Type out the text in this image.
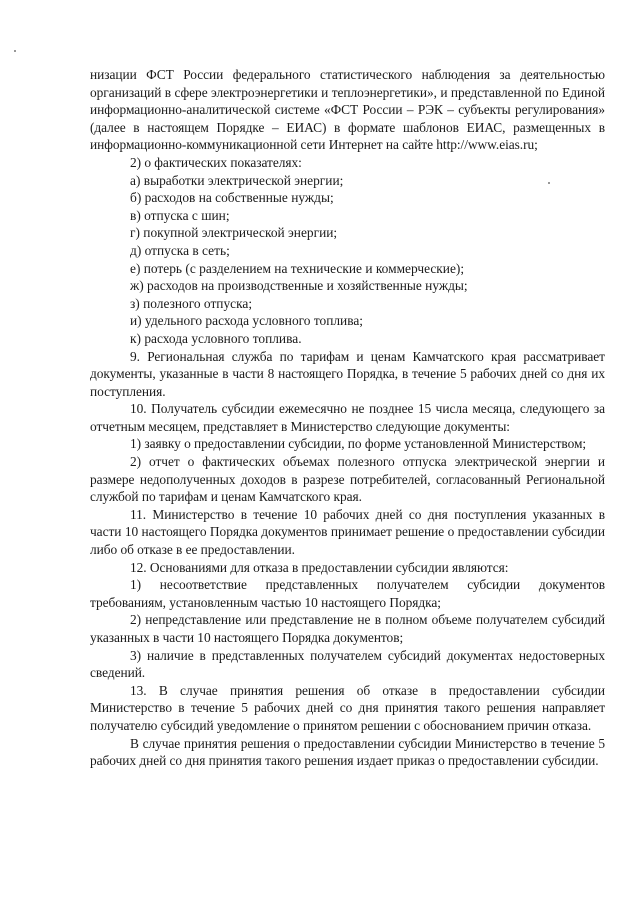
низации ФСТ России федерального статистического наблюдения за деятельностью организаций в сфере электроэнергетики и теплоэнергетики», и представленной по Единой информационно-аналитической системе «ФСТ России – РЭК – субъекты регулирования» (далее в настоящем Порядке – ЕИАС) в формате шаблонов ЕИАС, размещенных в информационно-коммуникационной сети Интернет на сайте http://www.eias.ru;

2) о фактических показателях:

а) выработки электрической энергии;

б) расходов на собственные нужды;

в) отпуска с шин;

г) покупной электрической энергии;

д) отпуска в сеть;

е) потерь (с разделением на технические и коммерческие);

ж) расходов на производственные и хозяйственные нужды;

з) полезного отпуска;

и) удельного расхода условного топлива;

к) расхода условного топлива.

9. Региональная служба по тарифам и ценам Камчатского края рассматривает документы, указанные в части 8 настоящего Порядка, в течение 5 рабочих дней со дня их поступления.

10. Получатель субсидии ежемесячно не позднее 15 числа месяца, следующего за отчетным месяцем, представляет в Министерство следующие документы:

1) заявку о предоставлении субсидии, по форме установленной Министерством;

2) отчет о фактических объемах полезного отпуска электрической энергии и размере недополученных доходов в разрезе потребителей, согласованный Региональной службой по тарифам и ценам Камчатского края.

11. Министерство в течение 10 рабочих дней со дня поступления указанных в части 10 настоящего Порядка документов принимает решение о предоставлении субсидии либо об отказе в ее предоставлении.

12. Основаниями для отказа в предоставлении субсидии являются:

1) несоответствие представленных получателем субсидии документов требованиям, установленным частью 10 настоящего Порядка;

2) непредставление или представление не в полном объеме получателем субсидий указанных в части 10 настоящего Порядка документов;

3) наличие в представленных получателем субсидий документах недостоверных сведений.

13. В случае принятия решения об отказе в предоставлении субсидии Министерство в течение 5 рабочих дней со дня принятия такого решения направляет получателю субсидий уведомление о принятом решении с обоснованием причин отказа.

В случае принятия решения о предоставлении субсидии Министерство в течение 5 рабочих дней со дня принятия такого решения издает приказ о предоставлении субсидии.
